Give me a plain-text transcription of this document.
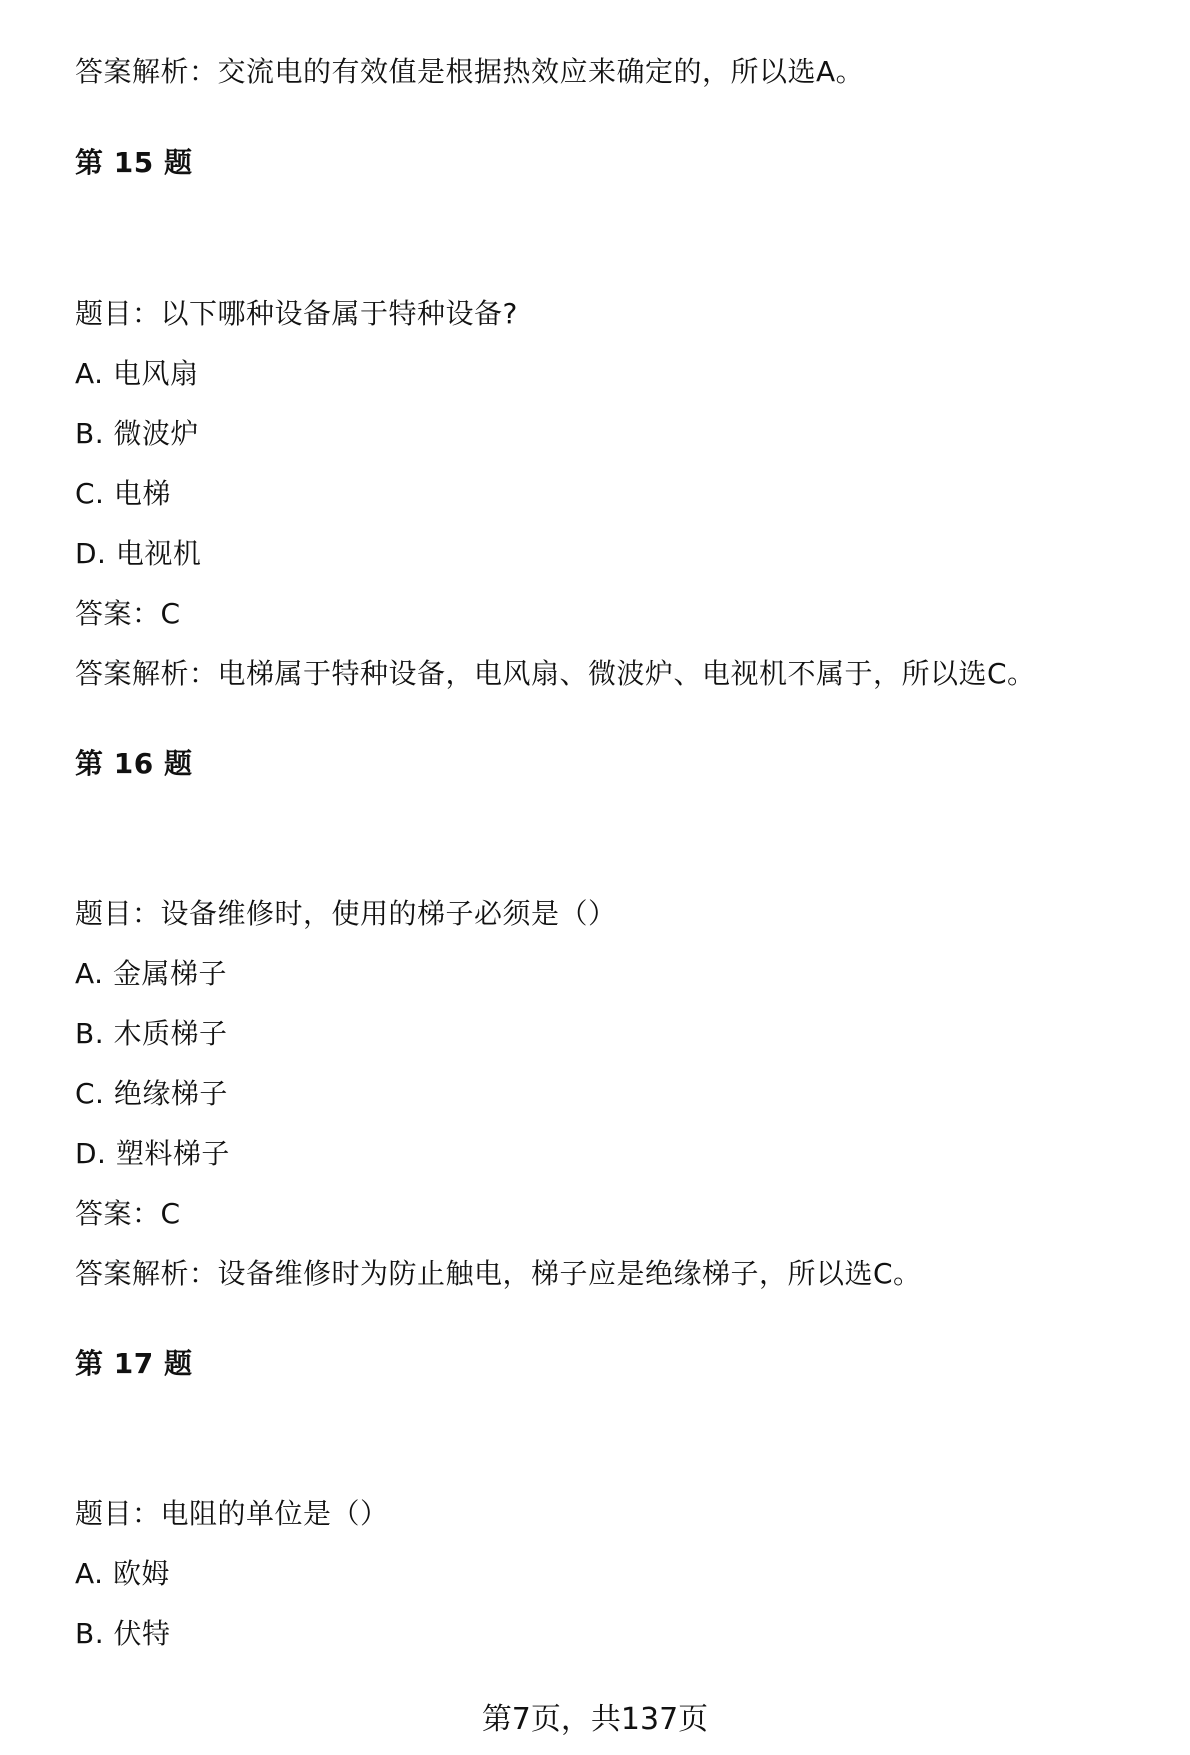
答案解析：交流电的有效值是根据热效应来确定的，所以选A。
第 15 题
题目：以下哪种设备属于特种设备?
A. 电风扇
B. 微波炉
C. 电梯
D. 电视机
答案：C
答案解析：电梯属于特种设备，电风扇、微波炉、电视机不属于，所以选C。
第 16 题
题目：设备维修时，使用的梯子必须是（）
A. 金属梯子
B. 木质梯子
C. 绝缘梯子
D. 塑料梯子
答案：C
答案解析：设备维修时为防止触电，梯子应是绝缘梯子，所以选C。
第 17 题
题目：电阻的单位是（）
A. 欧姆
B. 伏特
第7页，共137页
